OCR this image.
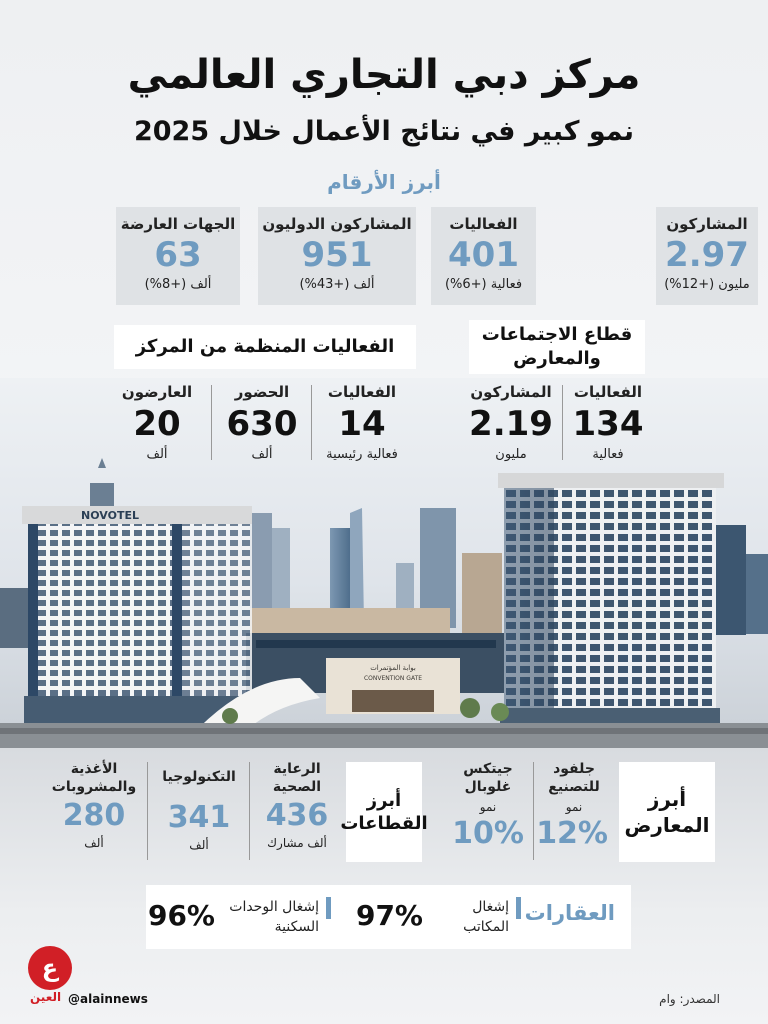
مركز دبي التجاري العالمي
نمو كبير في نتائج الأعمال خلال 2025
أبرز الأرقام
المشاركون
2.97
مليون (+12%)
الفعاليات
401
فعالية (+6%)
المشاركون الدوليون
951
ألف (+43%)
الجهات العارضة
63
ألف (+8%)
قطاع الاجتماعات والمعارض
الفعاليات المنظمة من المركز
NOVOTEL
بوابة المؤتمرات
CONVENTION GATE
الفعاليات
134
فعالية
المشاركون
2.19
مليون
الفعاليات
14
فعالية رئيسية
الحضور
630
ألف
العارضون
20
ألف
أبرز المعارض
جلفود للتصنيع
نمو
12%
جيتكس غلوبال
نمو
10%
أبرز القطاعات
الرعاية الصحية
436
ألف مشارك
التكنولوجيا
341
ألف
الأغذية والمشروبات
280
ألف
العقارات
إشغال المكاتب
97%
إشغال الوحدات السكنية
96%
ع
العين @alainnews	المصدر: وام
